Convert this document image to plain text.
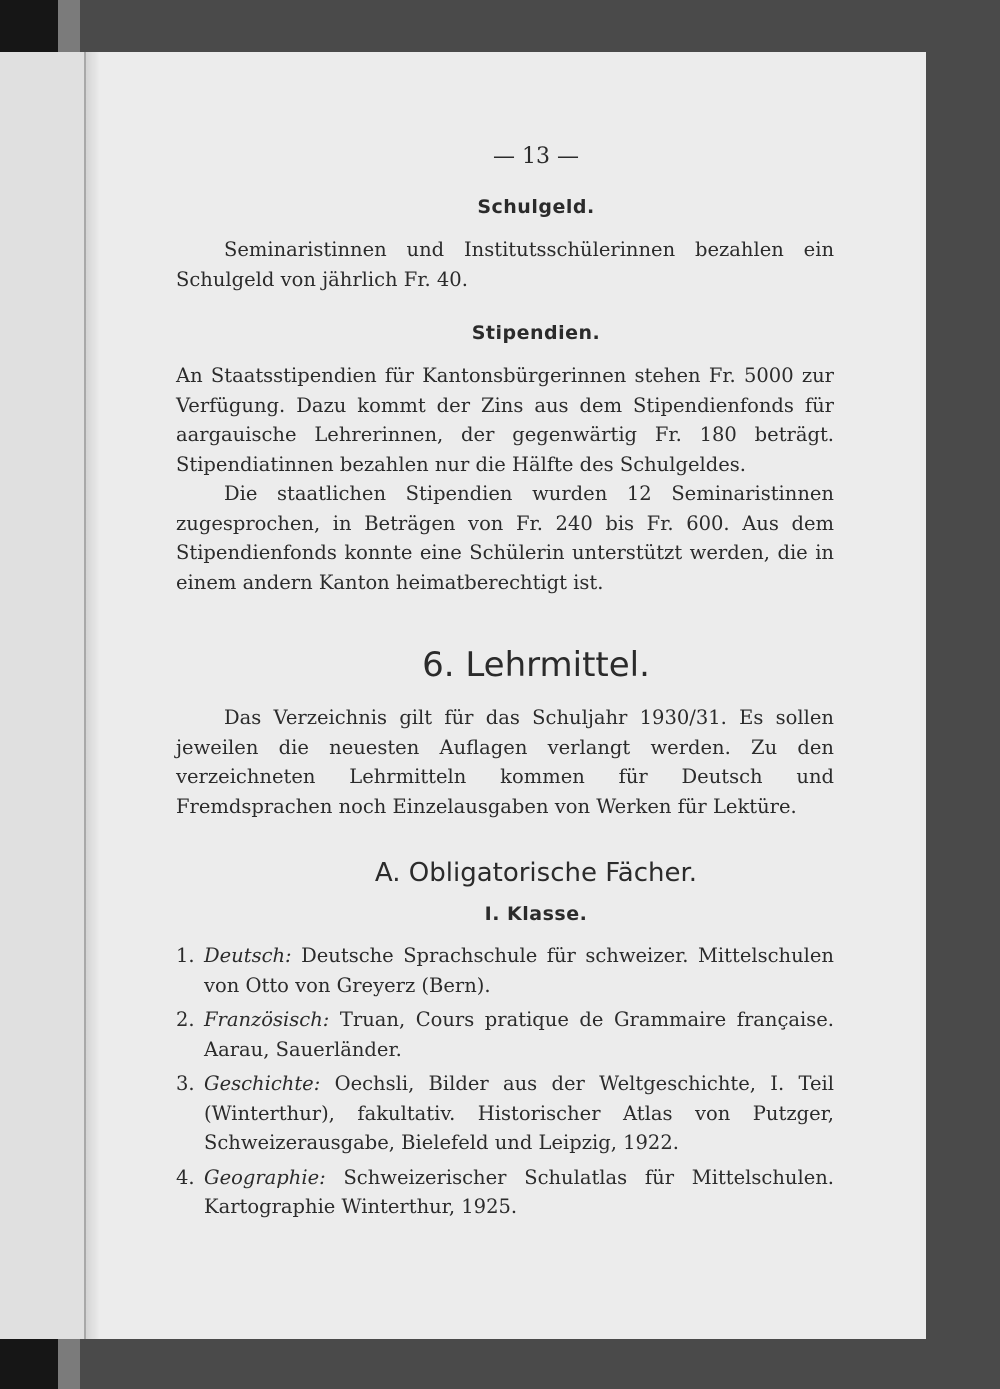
— 13 —
Schulgeld.

Seminaristinnen und Institutsschülerinnen bezahlen ein Schulgeld von jährlich Fr. 40.

Stipendien.

An Staatsstipendien für Kantonsbürgerinnen stehen Fr. 5000 zur Verfügung. Dazu kommt der Zins aus dem Stipendienfonds für aargauische Lehrerinnen, der gegenwärtig Fr. 180 beträgt. Stipendiatinnen bezahlen nur die Hälfte des Schulgeldes.

Die staatlichen Stipendien wurden 12 Seminaristinnen zugesprochen, in Beträgen von Fr. 240 bis Fr. 600. Aus dem Stipendienfonds konnte eine Schülerin unterstützt werden, die in einem andern Kanton heimatberechtigt ist.

6. Lehrmittel.

Das Verzeichnis gilt für das Schuljahr 1930/31. Es sollen jeweilen die neuesten Auflagen verlangt werden. Zu den verzeichneten Lehrmitteln kommen für Deutsch und Fremdsprachen noch Einzelausgaben von Werken für Lektüre.

A. Obligatorische Fächer.
I. Klasse.
1. Deutsch: Deutsche Sprachschule für schweizer. Mittelschulen von Otto von Greyerz (Bern).
2. Französisch: Truan, Cours pratique de Grammaire française. Aarau, Sauerländer.
3. Geschichte: Oechsli, Bilder aus der Weltgeschichte, I. Teil (Winterthur), fakultativ. Historischer Atlas von Putzger, Schweizerausgabe, Bielefeld und Leipzig, 1922.
4. Geographie: Schweizerischer Schulatlas für Mittelschulen. Kartographie Winterthur, 1925.
